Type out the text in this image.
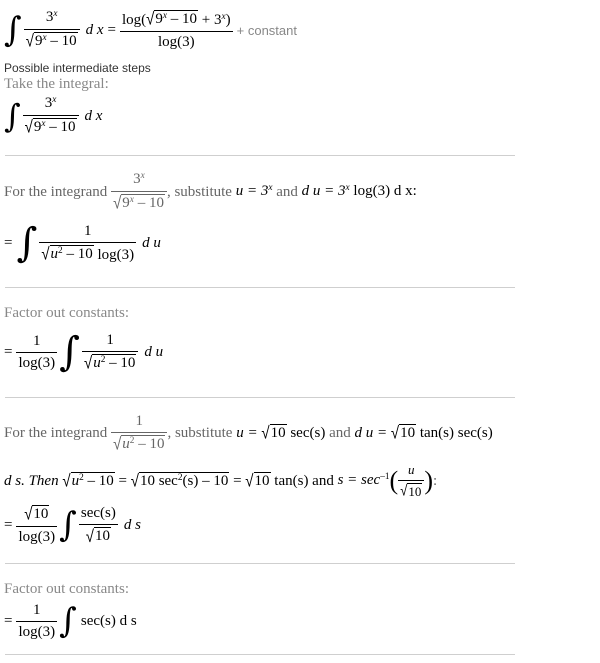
∫ $\frac{3^x}{√ 9^x - 10}$ d $x = \frac{\log( √ 9^x - 10 + 3^x)}{\log(3)}$ + constant
Possible intermediate steps
Take the integral:
∫ $\frac{3^x}{√ 9^x - 10}$ d x
For the integrand
$\frac{3^x}{√ 9^x - 10}$ , substitute
$u = 3^x$
and
d $u = 3^x$ log(3) d x:
= ∫ $\frac{1}{√ u^2 - 10 \log(3)}$ d u
Factor out constants:
= $\frac{1}{\log(3)}$ ∫ $\frac{1}{√ u^2 - 10}$ d u
For the integrand
$\frac{1}{√ u^2 - 10}$ , substitute
u =
√ 10
sec(s)
and
d u =
√ 10
tan(s) sec(s)
d s. Then
√ $u^2 - 10$
=
√ 10 $\sec^2(s) - 10$
=
√ 10
tan(s) and
$s = \sec^{-1}$ ( $\frac{u}{√ 10}$ ) :
= $\frac{√ 10}{\log(3)}$ ∫ $\frac{\sec(s)}{√ 10}$ d s
Factor out constants:
= $\frac{1}{\log(3)}$ ∫ sec(s) d s
